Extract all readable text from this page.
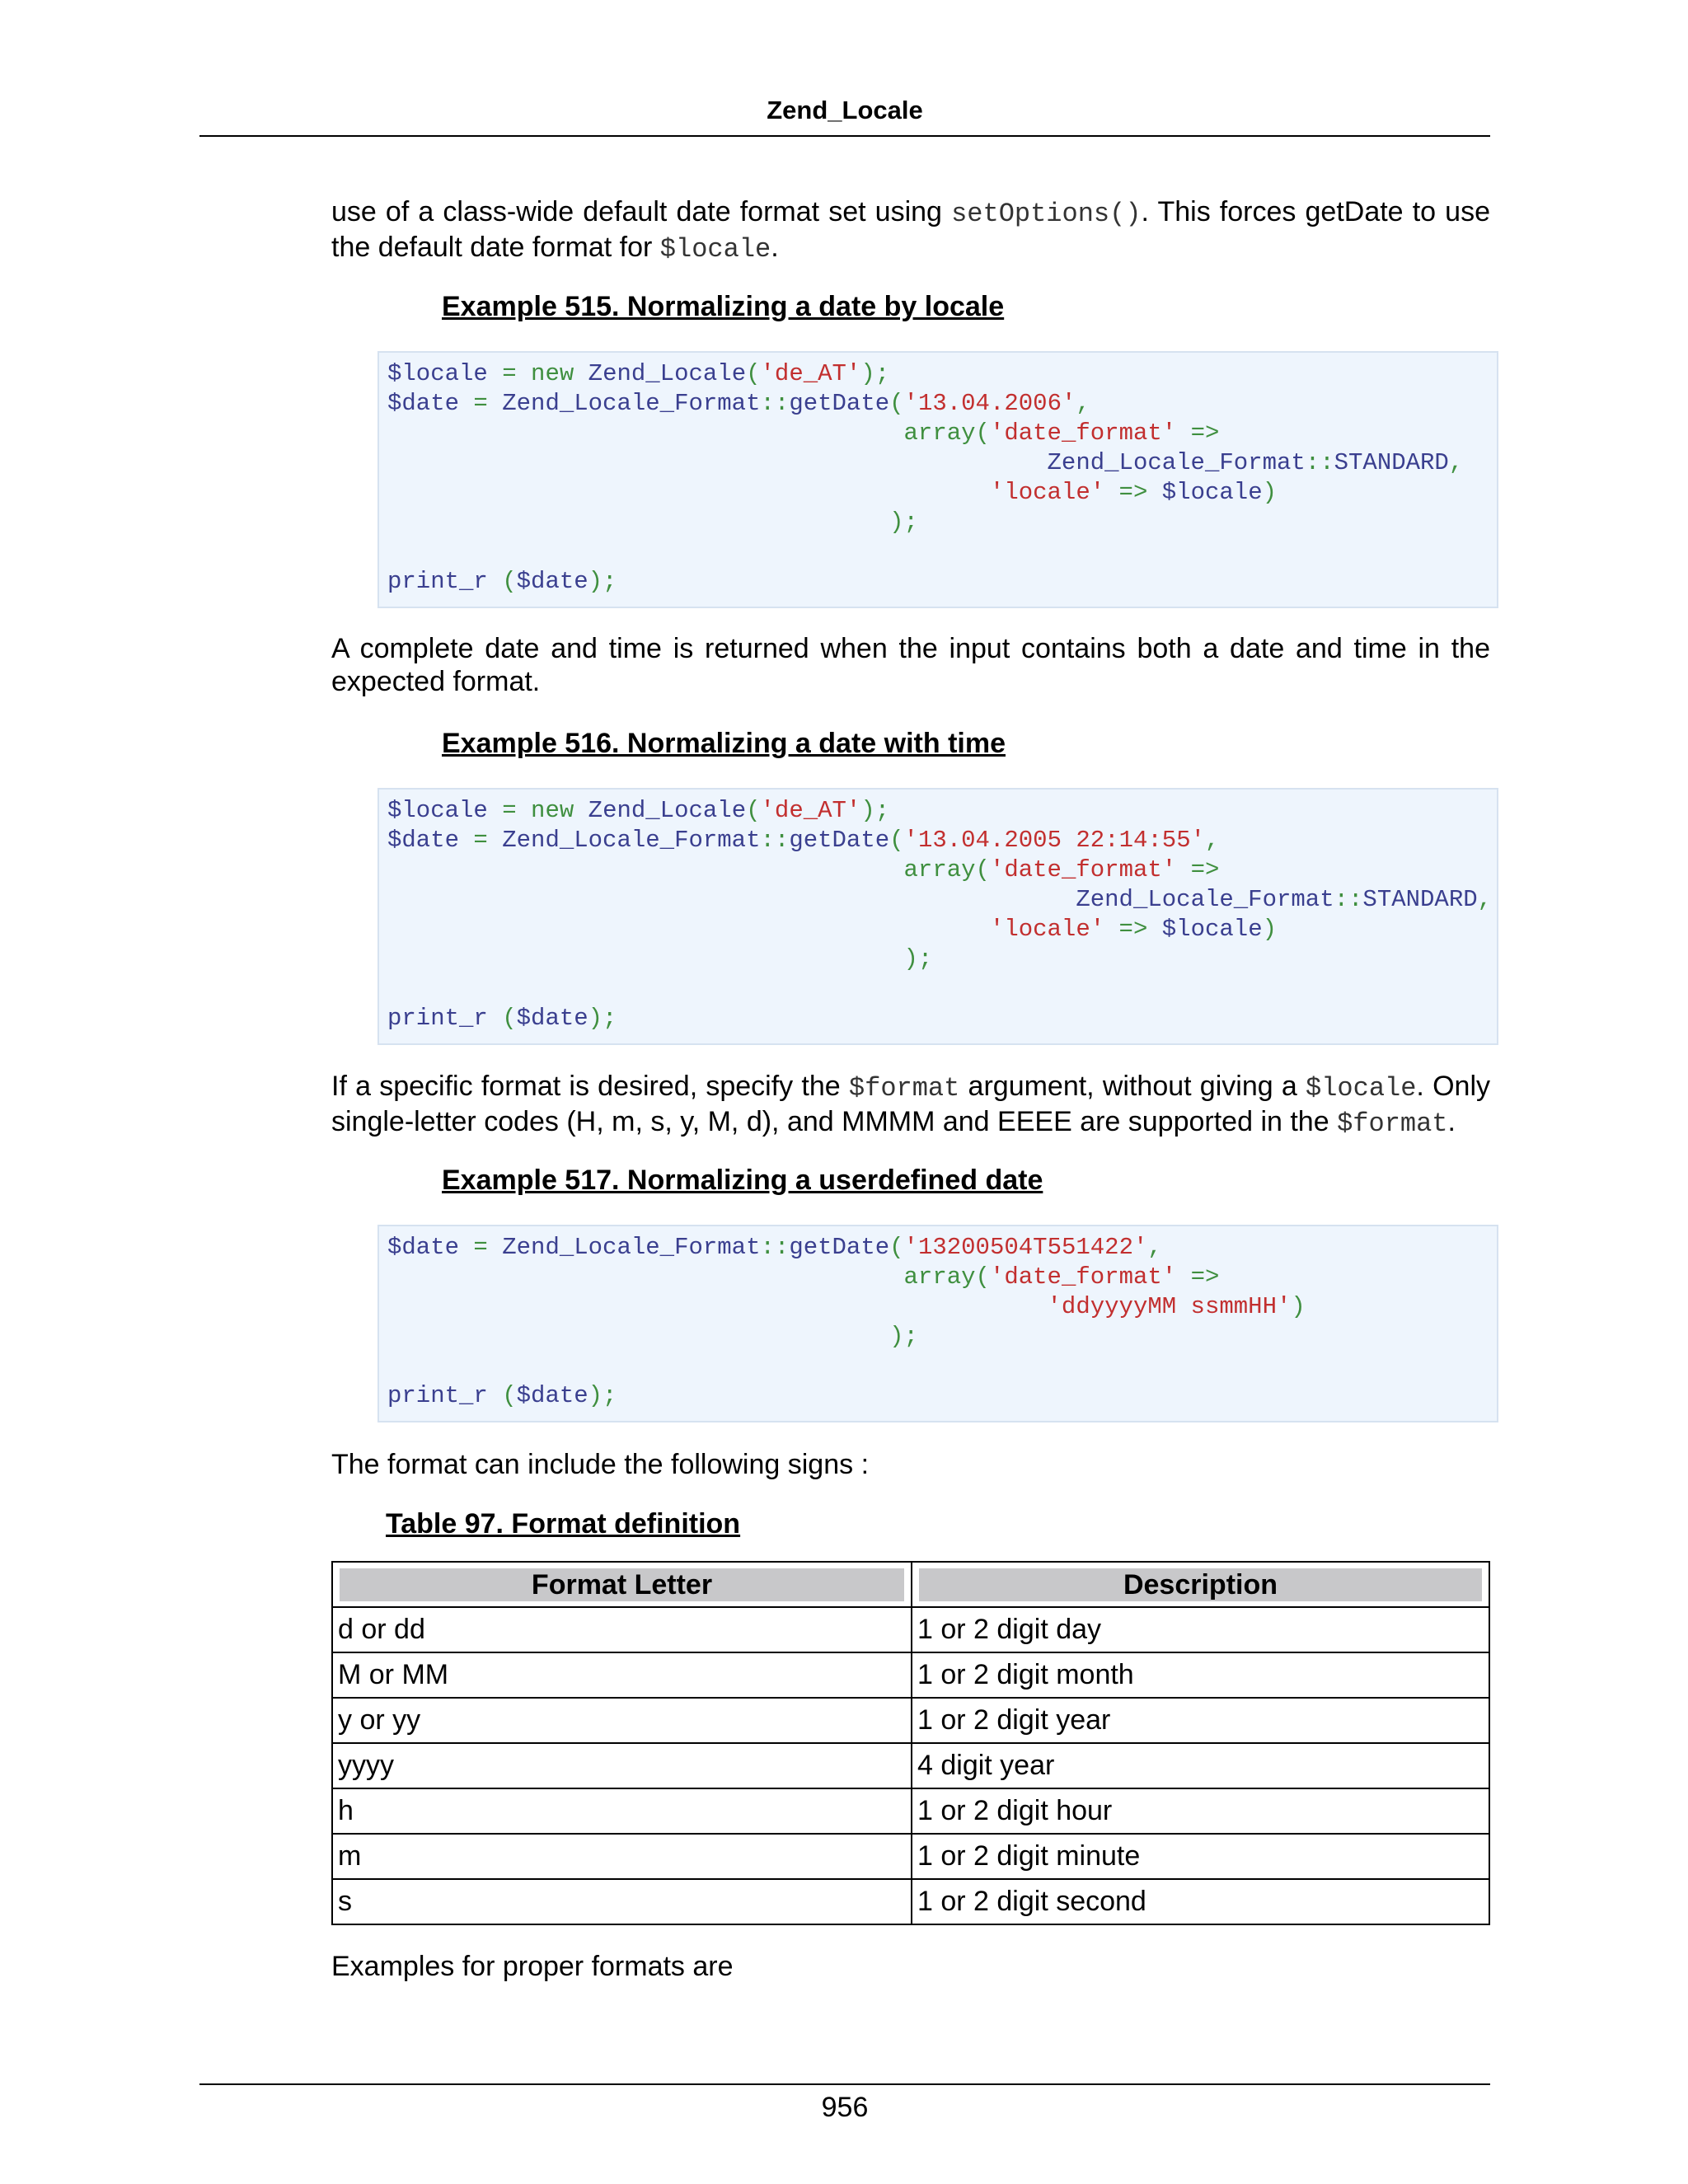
Zend_Locale

use of a class-wide default date format set using setOptions(). This forces getDate to use the default date format for $locale.

Example 515. Normalizing a date by locale

$locale = new Zend_Locale('de_AT');
$date = Zend_Locale_Format::getDate('13.04.2006',
array('date_format' =>
Zend_Locale_Format::STANDARD,
'locale' => $locale)
);
print_r ($date);

A complete date and time is returned when the input contains both a date and time in the expected format.

Example 516. Normalizing a date with time

$locale = new Zend_Locale('de_AT');
$date = Zend_Locale_Format::getDate('13.04.2005 22:14:55',
array('date_format' =>
Zend_Locale_Format::STANDARD,
'locale' => $locale)
);
print_r ($date);

If a specific format is desired, specify the $format argument, without giving a $locale. Only single-letter codes (H, m, s, y, M, d), and MMMM and EEEE are supported in the $format.

Example 517. Normalizing a userdefined date

$date = Zend_Locale_Format::getDate('13200504T551422',
array('date_format' =>
'ddyyyyMM ssmmHH')
);
print_r ($date);

The format can include the following signs :

Table 97. Format definition

Format Letter	Description

d or dd	1 or 2 digit day
M or MM	1 or 2 digit month
y or yy	1 or 2 digit year
yyyy	4 digit year
h	1 or 2 digit hour
m	1 or 2 digit minute
s	1 or 2 digit second

Examples for proper formats are

956
